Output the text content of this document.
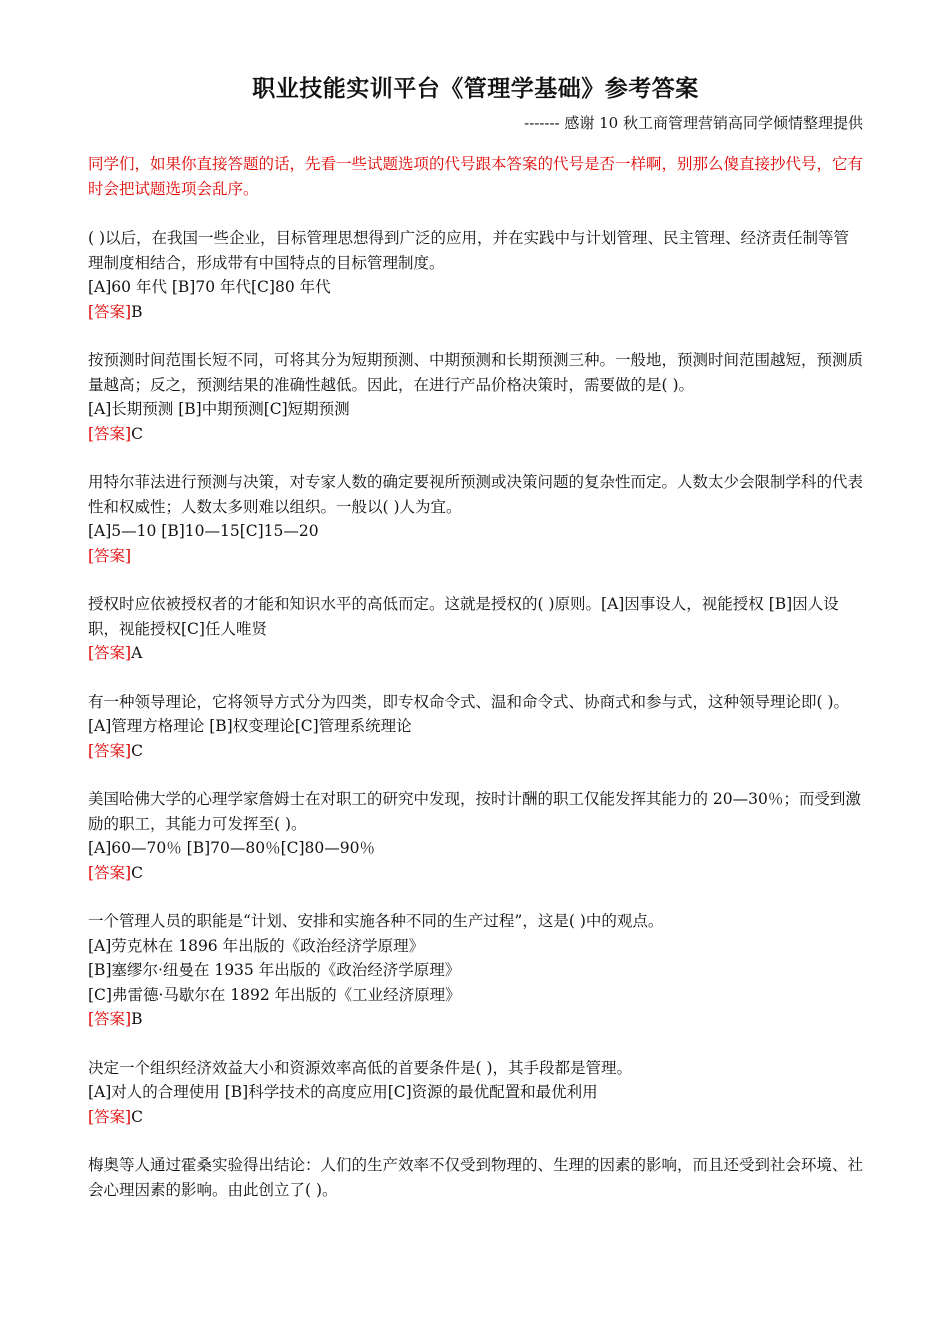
职业技能实训平台《管理学基础》参考答案
------- 感谢 10 秋工商管理营销高同学倾情整理提供
同学们，如果你直接答题的话，先看一些试题选项的代号跟本答案的代号是否一样啊，别那么傻直接抄代号，它有时会把试题选项会乱序。

( )以后，在我国一些企业，目标管理思想得到广泛的应用，并在实践中与计划管理、民主管理、经济责任制等管理制度相结合，形成带有中国特点的目标管理制度。

[A]60 年代 [B]70 年代[C]80 年代

[答案]B

按预测时间范围长短不同，可将其分为短期预测、中期预测和长期预测三种。一般地，预测时间范围越短，预测质量越高；反之，预测结果的准确性越低。因此，在进行产品价格决策时，需要做的是( )。

[A]长期预测 [B]中期预测[C]短期预测

[答案]C

用特尔菲法进行预测与决策，对专家人数的确定要视所预测或决策问题的复杂性而定。人数太少会限制学科的代表性和权威性；人数太多则难以组织。一般以( )人为宜。

[A]5—10 [B]10—15[C]15—20

[答案]

授权时应依被授权者的才能和知识水平的高低而定。这就是授权的( )原则。[A]因事设人，视能授权 [B]因人设职，视能授权[C]任人唯贤

[答案]A

有一种领导理论，它将领导方式分为四类，即专权命令式、温和命令式、协商式和参与式，这种领导理论即( )。

[A]管理方格理论 [B]权变理论[C]管理系统理论

[答案]C

美国哈佛大学的心理学家詹姆士在对职工的研究中发现，按时计酬的职工仅能发挥其能力的 20—30％；而受到激励的职工，其能力可发挥至( )。

[A]60—70％ [B]70—80％[C]80—90％

[答案]C

一个管理人员的职能是“计划、安排和实施各种不同的生产过程”，这是( )中的观点。

[A]劳克林在 1896 年出版的《政治经济学原理》

[B]塞缪尔·纽曼在 1935 年出版的《政治经济学原理》

[C]弗雷德·马歇尔在 1892 年出版的《工业经济原理》

[答案]B

决定一个组织经济效益大小和资源效率高低的首要条件是( )，其手段都是管理。

[A]对人的合理使用 [B]科学技术的高度应用[C]资源的最优配置和最优利用

[答案]C

梅奥等人通过霍桑实验得出结论：人们的生产效率不仅受到物理的、生理的因素的影响，而且还受到社会环境、社会心理因素的影响。由此创立了( )。
